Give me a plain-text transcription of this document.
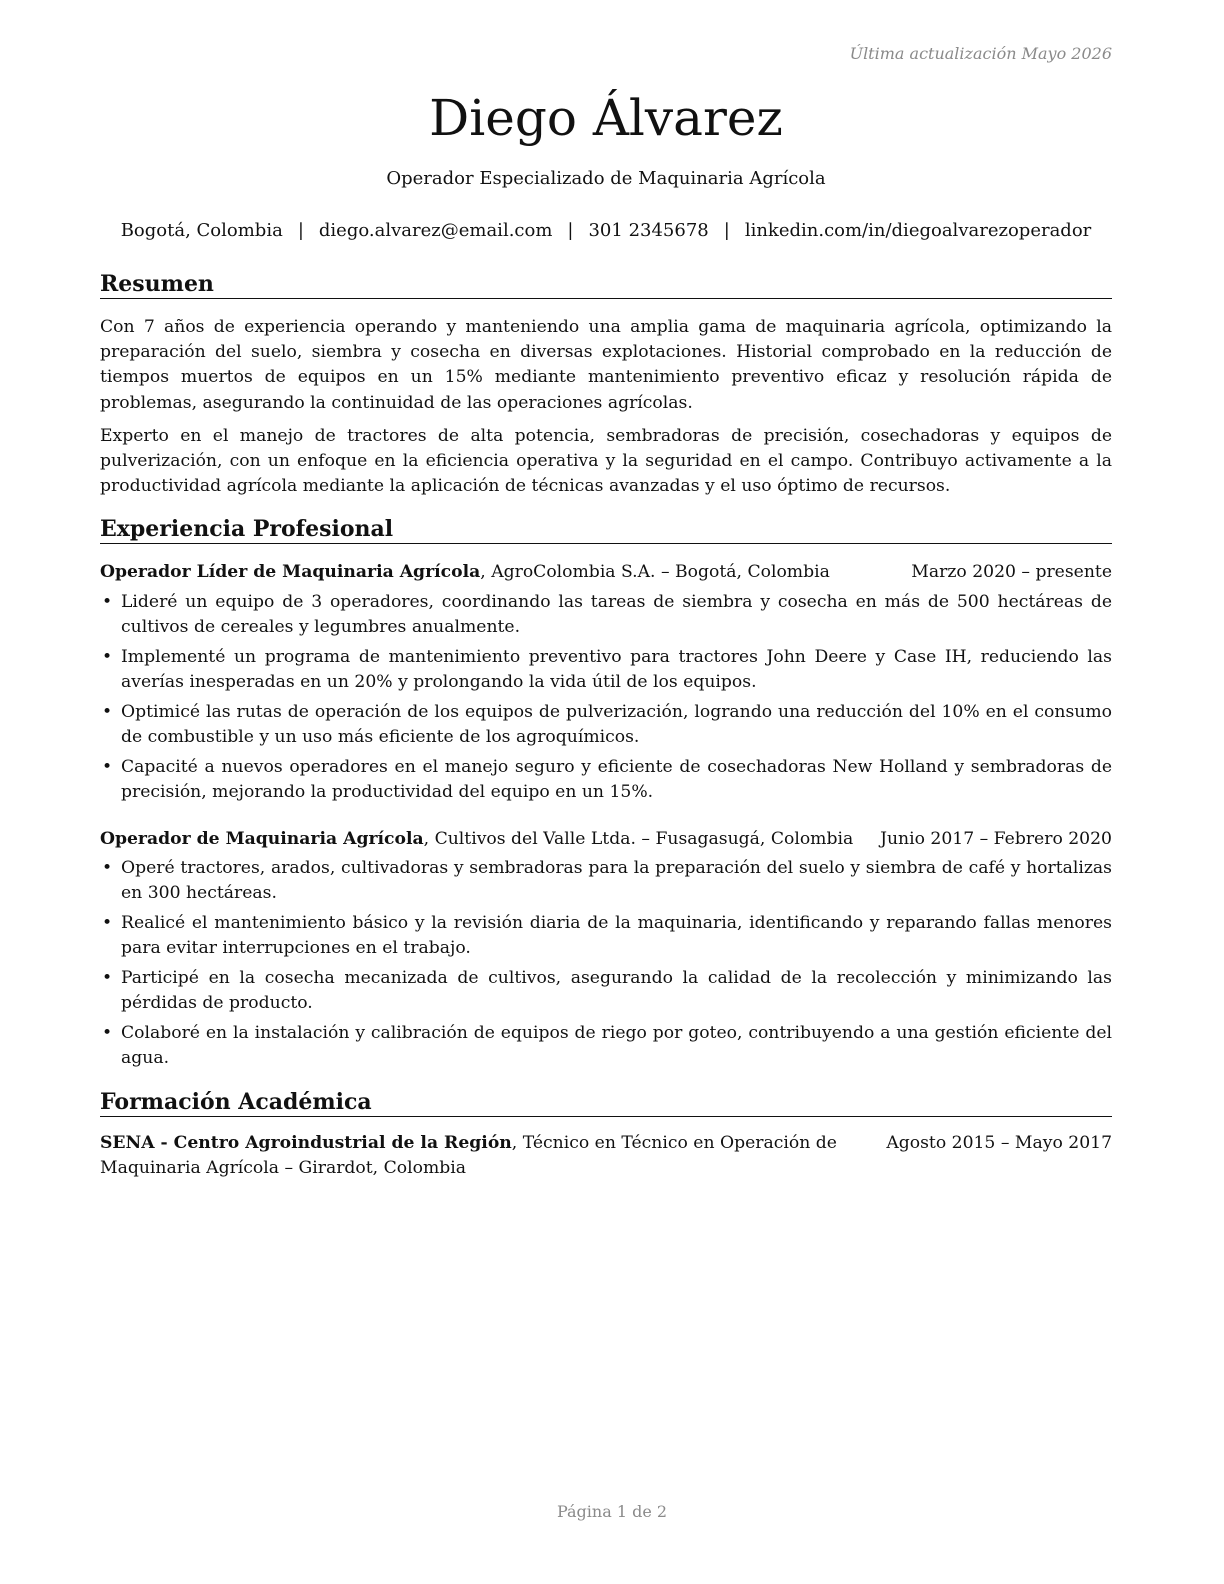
Última actualización Mayo 2026
Diego Álvarez
Operador Especializado de Maquinaria Agrícola
Bogotá, Colombia | diego.alvarez@email.com | 301 2345678 | linkedin.com/in/diegoalvarezoperador
Resumen

Con 7 años de experiencia operando y manteniendo una amplia gama de maquinaria agrícola, optimizando la preparación del suelo, siembra y cosecha en diversas explotaciones. Historial comprobado en la reducción de tiempos muertos de equipos en un 15% mediante mantenimiento preventivo eficaz y resolución rápida de problemas, asegurando la continuidad de las operaciones agrícolas.

Experto en el manejo de tractores de alta potencia, sembradoras de precisión, cosechadoras y equipos de pulverización, con un enfoque en la eficiencia operativa y la seguridad en el campo. Contribuyo activamente a la productividad agrícola mediante la aplicación de técnicas avanzadas y el uso óptimo de recursos.

Experiencia Profesional
Operador Líder de Maquinaria Agrícola, AgroColombia S.A. – Bogotá, Colombia	Marzo 2020 – presente
• Lideré un equipo de 3 operadores, coordinando las tareas de siembra y cosecha en más de 500 hectáreas de cultivos de cereales y legumbres anualmente.
• Implementé un programa de mantenimiento preventivo para tractores John Deere y Case IH, reduciendo las averías inesperadas en un 20% y prolongando la vida útil de los equipos.
• Optimicé las rutas de operación de los equipos de pulverización, logrando una reducción del 10% en el consumo de combustible y un uso más eficiente de los agroquímicos.
• Capacité a nuevos operadores en el manejo seguro y eficiente de cosechadoras New Holland y sembradoras de precisión, mejorando la productividad del equipo en un 15%.
Operador de Maquinaria Agrícola, Cultivos del Valle Ltda. – Fusagasugá, Colombia Junio 2017 – Febrero 2020
• Operé tractores, arados, cultivadoras y sembradoras para la preparación del suelo y siembra de café y hortalizas en 300 hectáreas.
• Realicé el mantenimiento básico y la revisión diaria de la maquinaria, identificando y reparando fallas menores para evitar interrupciones en el trabajo.
• Participé en la cosecha mecanizada de cultivos, asegurando la calidad de la recolección y minimizando las pérdidas de producto.
• Colaboré en la instalación y calibración de equipos de riego por goteo, contribuyendo a una gestión eficiente del agua.
Formación Académica
SENA - Centro Agroindustrial de la Región, Técnico en Técnico en Operación de Maquinaria Agrícola – Girardot, Colombia
Agosto 2015 – Mayo 2017
Página 1 de 2
